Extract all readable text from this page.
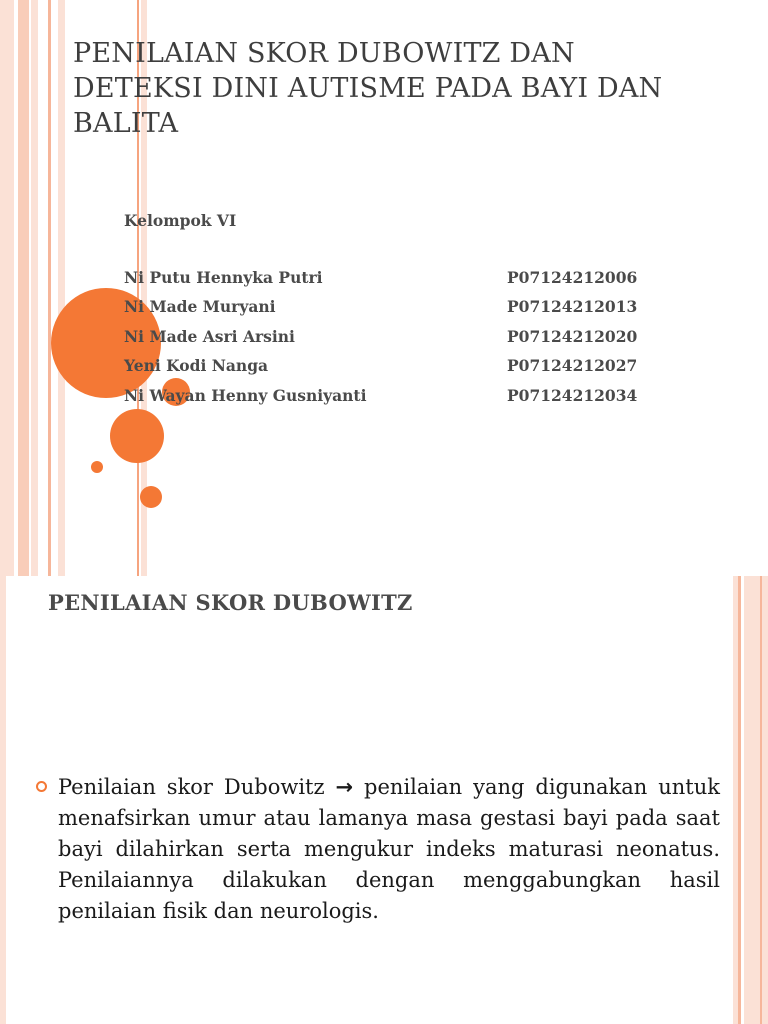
PENILAIAN SKOR DUBOWITZ DAN DETEKSI DINI AUTISME PADA BAYI DAN BALITA

Kelompok VI

Ni Putu Hennyka Putri	P07124212006
Ni Made Muryani	P07124212013
Ni Made Asri Arsini	P07124212020
Yeni Kodi Nanga	P07124212027
Ni Wayan Henny Gusniyanti	P07124212034
PENILAIAN SKOR DUBOWITZ

Penilaian skor Dubowitz → penilaian yang digunakan untuk menafsirkan umur atau lamanya masa gestasi bayi pada saat bayi dilahirkan serta mengukur indeks maturasi neonatus. Penilaiannya dilakukan dengan menggabungkan hasil penilaian fisik dan neurologis.
